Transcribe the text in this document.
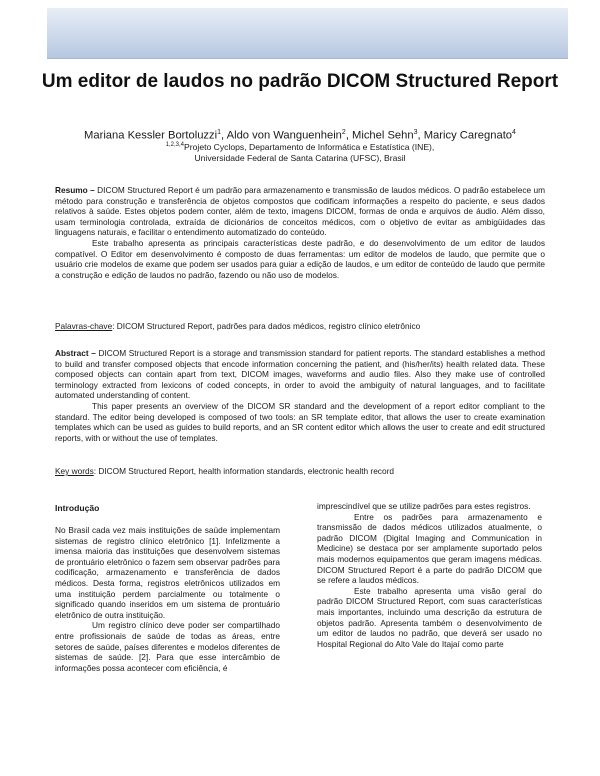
Um editor de laudos no padrão DICOM Structured Report

Mariana Kessler Bortoluzzi$^1$, Aldo von Wanguenhein$^2$, Michel Sehn$^3$, Maricy Caregnato$^4$

$^{1,2,3,4}$Projeto Cyclops, Departamento de Informática e Estatística (INE),
Universidade Federal de Santa Catarina (UFSC), Brasil

Resumo – DICOM Structured Report é um padrão para armazenamento e transmissão de laudos médicos. O padrão estabelece um método para construção e transferência de objetos compostos que codificam informações a respeito do paciente, e seus dados relativos à saúde. Estes objetos podem conter, além de texto, imagens DICOM, formas de onda e arquivos de áudio. Além disso, usam terminologia controlada, extraída de dicionários de conceitos médicos, com o objetivo de evitar as ambigüidades das linguagens naturais, e facilitar o entendimento automatizado do conteúdo.

Este trabalho apresenta as principais características deste padrão, e do desenvolvimento de um editor de laudos compatível. O Editor em desenvolvimento é composto de duas ferramentas: um editor de modelos de laudo, que permite que o usuário crie modelos de exame que podem ser usados para guiar a edição de laudos, e um editor de conteúdo de laudo que permite a construção e edição de laudos no padrão, fazendo ou não uso de modelos.

Palavras-chave: DICOM Structured Report, padrões para dados médicos, registro clínico eletrônico

Abstract – DICOM Structured Report is a storage and transmission standard for patient reports. The standard establishes a method to build and transfer composed objects that encode information concerning the patient, and (his/her/its) health related data. These composed objects can contain apart from text, DICOM images, waveforms and audio files. Also they make use of controlled terminology extracted from lexicons of coded concepts, in order to avoid the ambiguity of natural languages, and to facilitate automated understanding of content.

This paper presents an overview of the DICOM SR standard and the development of a report editor compliant to the standard. The editor being developed is composed of two tools: an SR template editor, that allows the user to create examination templates which can be used as guides to build reports, and an SR content editor which allows the user to create and edit structured reports, with or without the use of templates.

Key words: DICOM Structured Report, health information standards, electronic health record

Introdução

No Brasil cada vez mais instituições de saúde implementam sistemas de registro clínico eletrônico [1]. Infelizmente a imensa maioria das instituições que desenvolvem sistemas de prontuário eletrônico o fazem sem observar padrões para codificação, armazenamento e transferência de dados médicos. Desta forma, registros eletrônicos utilizados em uma instituição perdem parcialmente ou totalmente o significado quando inseridos em um sistema de prontuário eletrônico de outra instituição.

Um registro clínico deve poder ser compartilhado entre profissionais de saúde de todas as áreas, entre setores de saúde, países diferentes e modelos diferentes de sistemas de saúde. [2]. Para que esse intercâmbio de informações possa acontecer com eficiência, é

imprescindível que se utilize padrões para estes registros.

Entre os padrões para armazenamento e transmissão de dados médicos utilizados atualmente, o padrão DICOM (Digital Imaging and Communication in Medicine) se destaca por ser amplamente suportado pelos mais modernos equipamentos que geram imagens médicas. DICOM Structured Report é a parte do padrão DICOM que se refere a laudos médicos.

Este trabalho apresenta uma visão geral do padrão DICOM Structured Report, com suas características mais importantes, incluindo uma descrição da estrutura de objetos padrão. Apresenta também o desenvolvimento de um editor de laudos no padrão, que deverá ser usado no Hospital Regional do Alto Vale do Itajaí como parte
